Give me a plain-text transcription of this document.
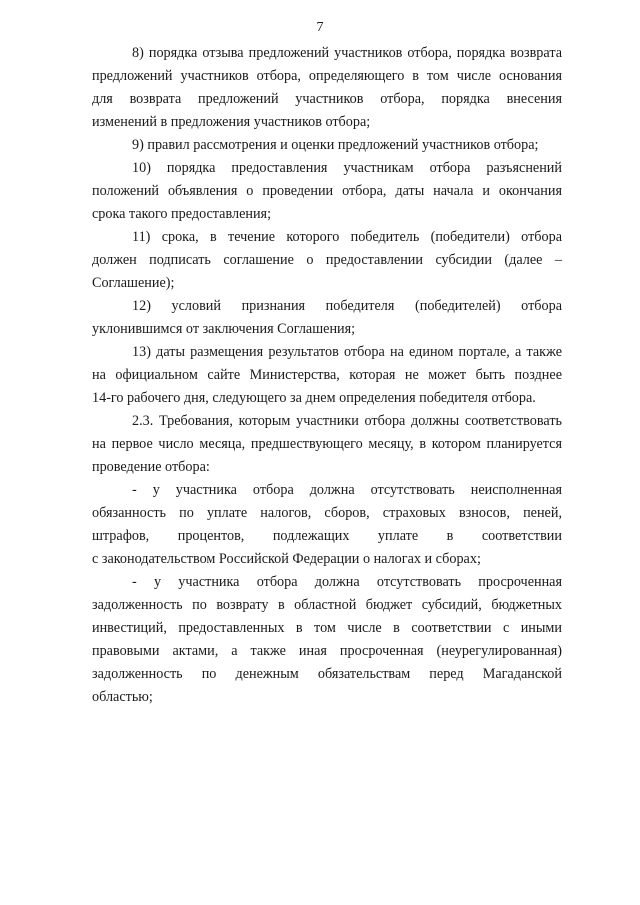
7
8) порядка отзыва предложений участников отбора, порядка возврата
предложений участников отбора, определяющего в том числе основания
для возврата предложений участников отбора, порядка внесения
изменений в предложения участников отбора;
9) правил рассмотрения и оценки предложений участников отбора;
10) порядка предоставления участникам отбора разъяснений
положений объявления о проведении отбора, даты начала и окончания
срока такого предоставления;
11) срока, в течение которого победитель (победители) отбора
должен подписать соглашение о предоставлении субсидии (далее –
Соглашение);
12) условий признания победителя (победителей) отбора
уклонившимся от заключения Соглашения;
13) даты размещения результатов отбора на едином портале, а также
на официальном сайте Министерства, которая не может быть позднее
14-го рабочего дня, следующего за днем определения победителя отбора.
2.3. Требования, которым участники отбора должны соответствовать
на первое число месяца, предшествующего месяцу, в котором планируется
проведение отбора:
- у участника отбора должна отсутствовать неисполненная
обязанность по уплате налогов, сборов, страховых взносов, пеней,
штрафов, процентов, подлежащих уплате в соответствии
с законодательством Российской Федерации о налогах и сборах;
- у участника отбора должна отсутствовать просроченная
задолженность по возврату в областной бюджет субсидий, бюджетных
инвестиций, предоставленных в том числе в соответствии с иными
правовыми актами, а также иная просроченная (неурегулированная)
задолженность по денежным обязательствам перед Магаданской
областью;
